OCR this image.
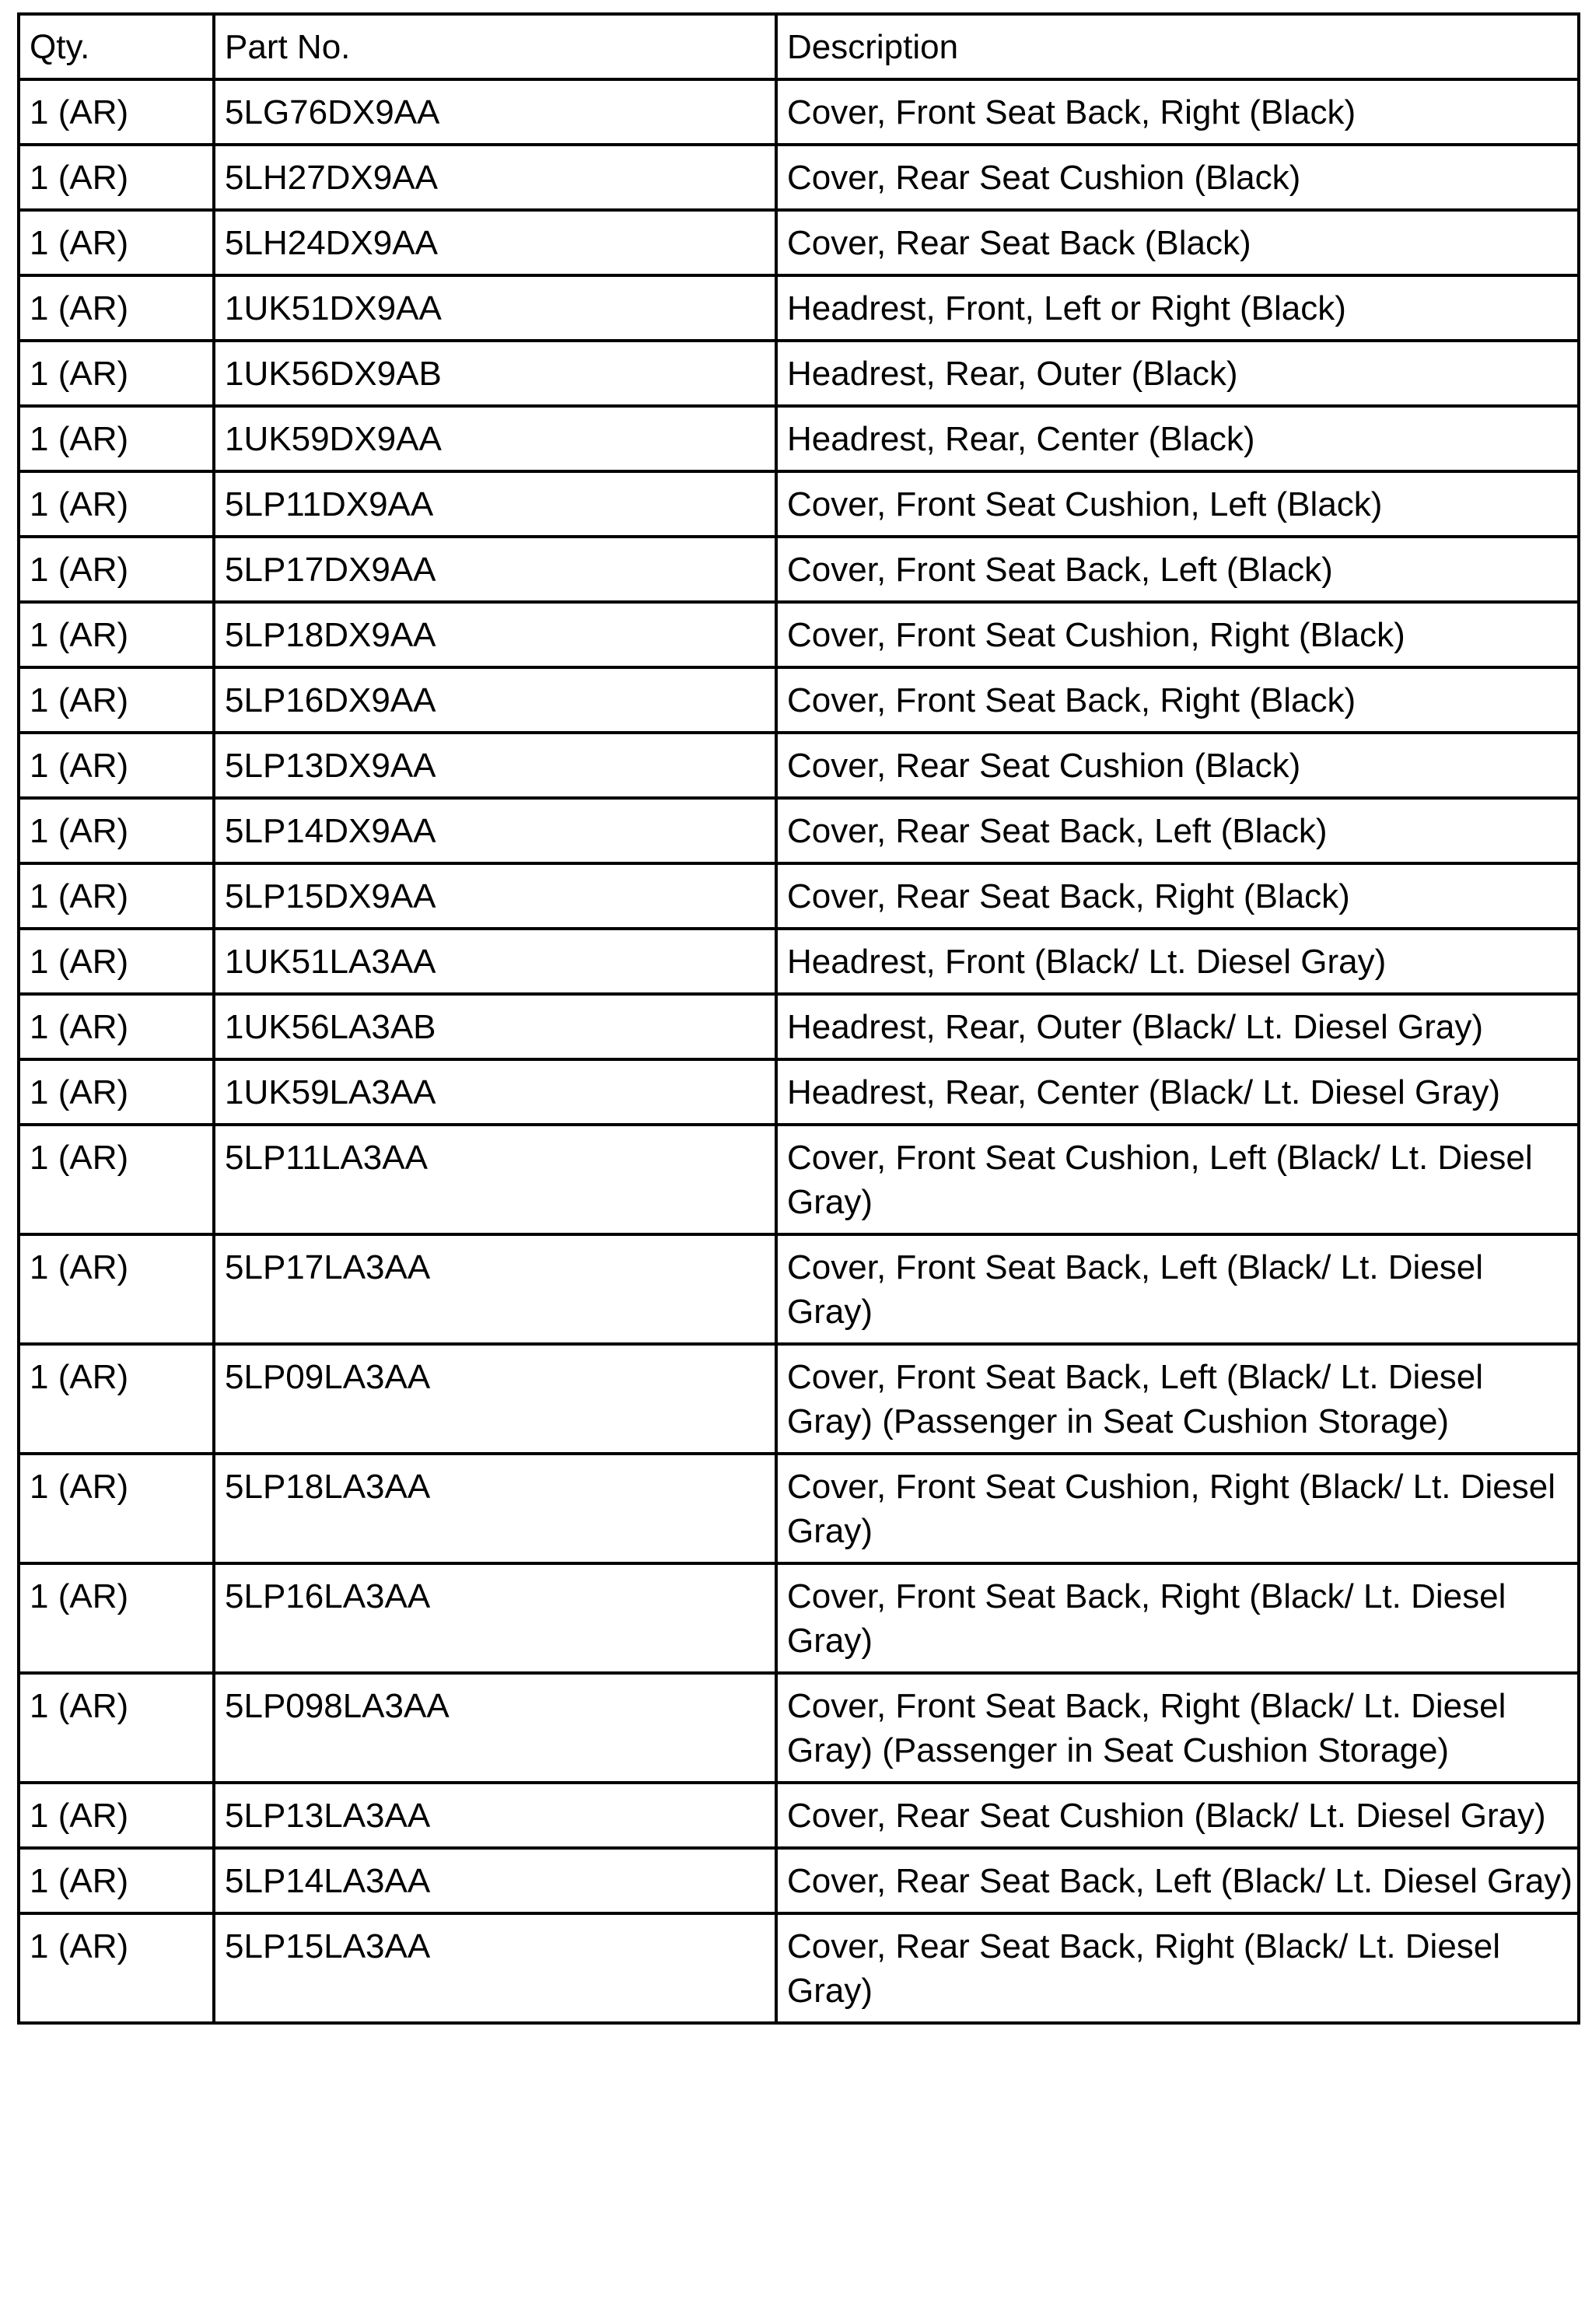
Qty.	Part No.	Description
1 (AR)	5LG76DX9AA	Cover, Front Seat Back, Right (Black)
1 (AR)	5LH27DX9AA	Cover, Rear Seat Cushion (Black)
1 (AR)	5LH24DX9AA	Cover, Rear Seat Back (Black)
1 (AR)	1UK51DX9AA	Headrest, Front, Left or Right (Black)
1 (AR)	1UK56DX9AB	Headrest, Rear, Outer (Black)
1 (AR)	1UK59DX9AA	Headrest, Rear, Center (Black)
1 (AR)	5LP11DX9AA	Cover, Front Seat Cushion, Left (Black)
1 (AR)	5LP17DX9AA	Cover, Front Seat Back, Left (Black)
1 (AR)	5LP18DX9AA	Cover, Front Seat Cushion, Right (Black)
1 (AR)	5LP16DX9AA	Cover, Front Seat Back, Right (Black)
1 (AR)	5LP13DX9AA	Cover, Rear Seat Cushion (Black)
1 (AR)	5LP14DX9AA	Cover, Rear Seat Back, Left (Black)
1 (AR)	5LP15DX9AA	Cover, Rear Seat Back, Right (Black)
1 (AR)	1UK51LA3AA	Headrest, Front (Black/ Lt. Diesel Gray)
1 (AR)	1UK56LA3AB	Headrest, Rear, Outer (Black/ Lt. Diesel Gray)
1 (AR)	1UK59LA3AA	Headrest, Rear, Center (Black/ Lt. Diesel Gray)
1 (AR)	5LP11LA3AA	Cover, Front Seat Cushion, Left (Black/ Lt. Diesel Gray)
1 (AR)	5LP17LA3AA	Cover, Front Seat Back, Left (Black/ Lt. Diesel Gray)
1 (AR)	5LP09LA3AA	Cover, Front Seat Back, Left (Black/ Lt. Diesel Gray) (Passenger in Seat Cushion Storage)
1 (AR)	5LP18LA3AA	Cover, Front Seat Cushion, Right (Black/ Lt. Diesel Gray)
1 (AR)	5LP16LA3AA	Cover, Front Seat Back, Right (Black/ Lt. Diesel Gray)
1 (AR)	5LP098LA3AA	Cover, Front Seat Back, Right (Black/ Lt. Diesel Gray) (Passenger in Seat Cushion Storage)
1 (AR)	5LP13LA3AA	Cover, Rear Seat Cushion (Black/ Lt. Diesel Gray)
1 (AR)	5LP14LA3AA	Cover, Rear Seat Back, Left (Black/ Lt. Diesel Gray)
1 (AR)	5LP15LA3AA	Cover, Rear Seat Back, Right (Black/ Lt. Diesel Gray)
